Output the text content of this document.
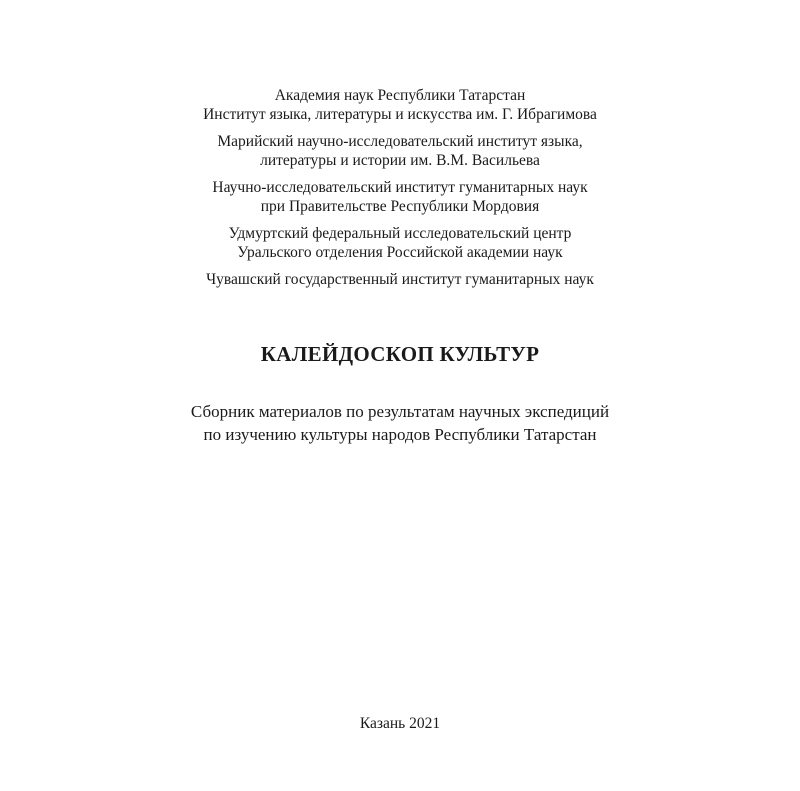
Академия наук Республики Татарстан
Институт языка, литературы и искусства им. Г. Ибрагимова
Марийский научно-исследовательский институт языка,
литературы и истории им. В.М. Васильева
Научно-исследовательский институт гуманитарных наук
при Правительстве Республики Мордовия
Удмуртский федеральный исследовательский центр
Уральского отделения Российской академии наук
Чувашский государственный институт гуманитарных наук
КАЛЕЙДОСКОП КУЛЬТУР
Сборник материалов по результатам научных экспедиций
по изучению культуры народов Республики Татарстан
Казань 2021
